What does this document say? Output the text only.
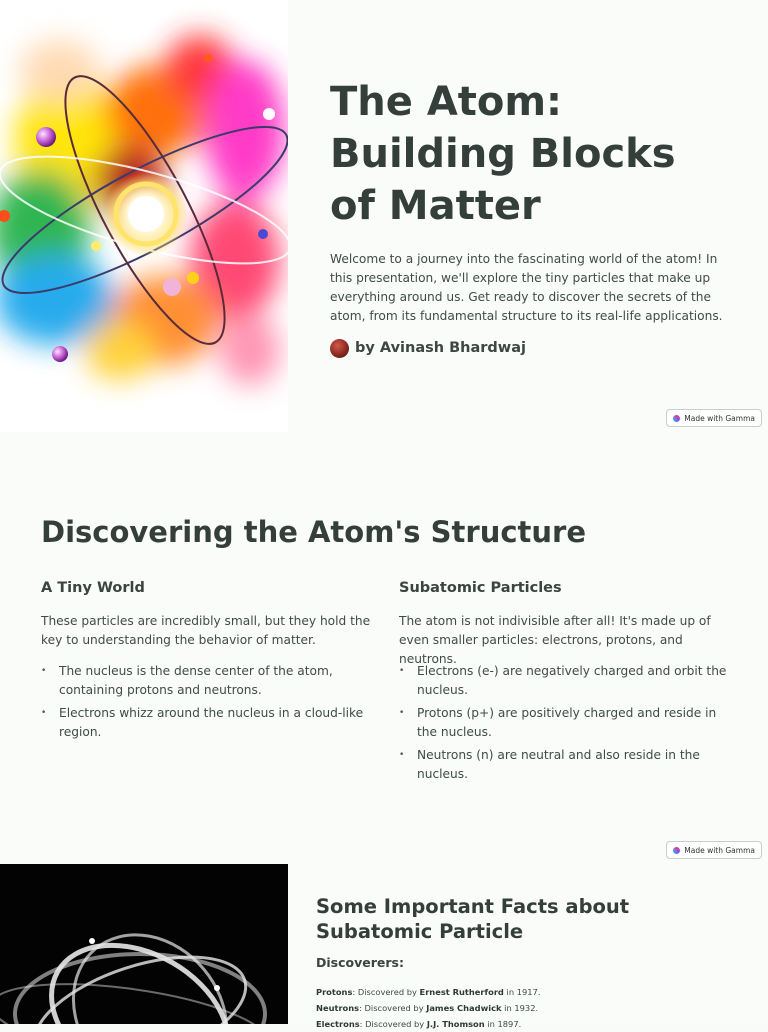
The Atom: Building Blocks of Matter

Welcome to a journey into the fascinating world of the atom! In this presentation, we'll explore the tiny particles that make up everything around us. Get ready to discover the secrets of the atom, from its fundamental structure to its real-life applications.

by Avinash Bhardwaj
Made with Gamma
Discovering the Atom's Structure
A Tiny World

These particles are incredibly small, but they hold the key to understanding the behavior of matter.

• The nucleus is the dense center of the atom, containing protons and neutrons.
• Electrons whizz around the nucleus in a cloud-like region.
Subatomic Particles

The atom is not indivisible after all! It's made up of even smaller particles: electrons, protons, and neutrons.

• Electrons (e-) are negatively charged and orbit the nucleus.
• Protons (p+) are positively charged and reside in the nucleus.
• Neutrons (n) are neutral and also reside in the nucleus.
Made with Gamma
Some Important Facts about Subatomic Particle
Discoverers:
Protons: Discovered by Ernest Rutherford in 1917.
Neutrons: Discovered by James Chadwick in 1932.
Electrons: Discovered by J.J. Thomson in 1897.
